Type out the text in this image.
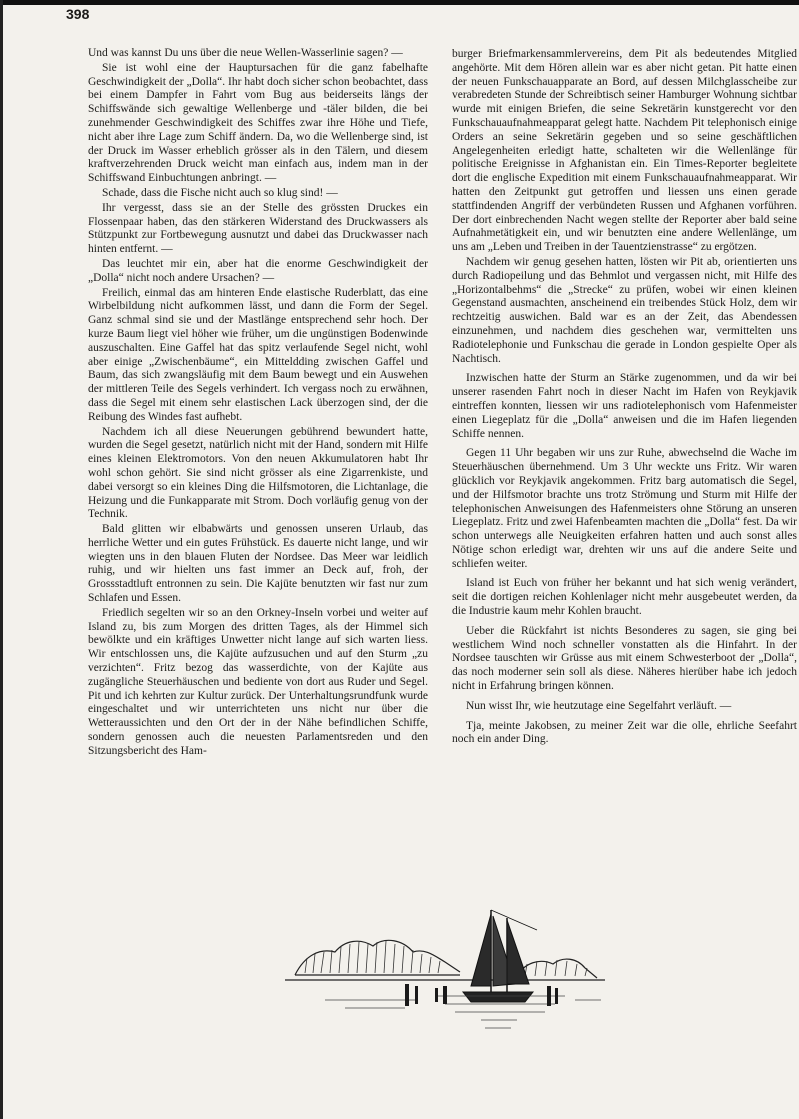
398

Und was kannst Du uns über die neue Wellen-Wasserlinie sagen? —

Sie ist wohl eine der Hauptursachen für die ganz fabelhafte Geschwindigkeit der „Dolla“. Ihr habt doch sicher schon beobachtet, dass bei einem Dampfer in Fahrt vom Bug aus beiderseits längs der Schiffswände sich gewaltige Wellenberge und -täler bilden, die bei zunehmender Geschwindigkeit des Schiffes zwar ihre Höhe und Tiefe, nicht aber ihre Lage zum Schiff ändern. Da, wo die Wellenberge sind, ist der Druck im Wasser erheblich grösser als in den Tälern, und diesem kraftverzehrenden Druck weicht man einfach aus, indem man in der Schiffswand Einbuchtungen anbringt. —

Schade, dass die Fische nicht auch so klug sind! —

Ihr vergesst, dass sie an der Stelle des grössten Druckes ein Flossenpaar haben, das den stärkeren Widerstand des Druckwassers als Stützpunkt zur Fortbewegung ausnutzt und dabei das Druckwasser nach hinten entfernt. —

Das leuchtet mir ein, aber hat die enorme Geschwindigkeit der „Dolla“ nicht noch andere Ursachen? —

Freilich, einmal das am hinteren Ende elastische Ruderblatt, das eine Wirbelbildung nicht aufkommen lässt, und dann die Form der Segel. Ganz schmal sind sie und der Mastlänge entsprechend sehr hoch. Der kurze Baum liegt viel höher wie früher, um die ungünstigen Bodenwinde auszuschalten. Eine Gaffel hat das spitz verlaufende Segel nicht, wohl aber einige „Zwischenbäume“, ein Mitteldding zwischen Gaffel und Baum, das sich zwangsläufig mit dem Baum bewegt und ein Auswehen der mittleren Teile des Segels verhindert. Ich vergass noch zu erwähnen, dass die Segel mit einem sehr elastischen Lack überzogen sind, der die Reibung des Windes fast aufhebt.

Nachdem ich all diese Neuerungen gebührend bewundert hatte, wurden die Segel gesetzt, natürlich nicht mit der Hand, sondern mit Hilfe eines kleinen Elektromotors. Von den neuen Akkumulatoren habt Ihr wohl schon gehört. Sie sind nicht grösser als eine Zigarrenkiste, und dabei versorgt so ein kleines Ding die Hilfsmotoren, die Lichtanlage, die Heizung und die Funkapparate mit Strom. Doch vorläufig genug von der Technik.

Bald glitten wir elbabwärts und genossen unseren Urlaub, das herrliche Wetter und ein gutes Frühstück. Es dauerte nicht lange, und wir wiegten uns in den blauen Fluten der Nordsee. Das Meer war leidlich ruhig, und wir hielten uns fast immer an Deck auf, froh, der Grossstadtluft entronnen zu sein. Die Kajüte benutzten wir fast nur zum Schlafen und Essen.

Friedlich segelten wir so an den Orkney-Inseln vorbei und weiter auf Island zu, bis zum Morgen des dritten Tages, als der Himmel sich bewölkte und ein kräftiges Unwetter nicht lange auf sich warten liess. Wir entschlossen uns, die Kajüte aufzusuchen und auf den Sturm „zu verzichten“. Fritz bezog das wasserdichte, von der Kajüte aus zugängliche Steuerhäuschen und bediente von dort aus Ruder und Segel. Pit und ich kehrten zur Kultur zurück. Der Unterhaltungsrundfunk wurde eingeschaltet und wir unterrichteten uns nicht nur über die Wetteraussichten und den Ort der in der Nähe befindlichen Schiffe, sondern genossen auch die neuesten Parlamentsreden und den Sitzungsbericht des Ham-

burger Briefmarkensammlervereins, dem Pit als bedeutendes Mitglied angehörte. Mit dem Hören allein war es aber nicht getan. Pit hatte einen der neuen Funkschauapparate an Bord, auf dessen Milchglasscheibe zur verabredeten Stunde der Schreibtisch seiner Hamburger Wohnung sichtbar wurde mit einigen Briefen, die seine Sekretärin kunstgerecht vor den Funkschauaufnahmeapparat gelegt hatte. Nachdem Pit telephonisch einige Orders an seine Sekretärin gegeben und so seine geschäftlichen Angelegenheiten erledigt hatte, schalteten wir die Wellenlänge für politische Ereignisse in Afghanistan ein. Ein Times-Reporter begleitete dort die englische Expedition mit einem Funkschauaufnahmeapparat. Wir hatten den Zeitpunkt gut getroffen und liessen uns einen gerade stattfindenden Angriff der verbündeten Russen und Afghanen vorführen. Der dort einbrechenden Nacht wegen stellte der Reporter aber bald seine Aufnahmetätigkeit ein, und wir benutzten eine andere Wellenlänge, um uns am „Leben und Treiben in der Tauentzienstrasse“ zu ergötzen.

Nachdem wir genug gesehen hatten, lösten wir Pit ab, orientierten uns durch Radiopeilung und das Behmlot und vergassen nicht, mit Hilfe des „Horizontalbehms“ die „Strecke“ zu prüfen, wobei wir einen kleinen Gegenstand ausmachten, anscheinend ein treibendes Stück Holz, dem wir rechtzeitig auswichen. Bald war es an der Zeit, das Abendessen einzunehmen, und nachdem dies geschehen war, vermittelten uns Radiotelephonie und Funkschau die gerade in London gespielte Oper als Nachtisch.

Inzwischen hatte der Sturm an Stärke zugenommen, und da wir bei unserer rasenden Fahrt noch in dieser Nacht im Hafen von Reykjavik eintreffen konnten, liessen wir uns radiotelephonisch vom Hafenmeister einen Liegeplatz für die „Dolla“ anweisen und die im Hafen liegenden Schiffe nennen.

Gegen 11 Uhr begaben wir uns zur Ruhe, abwechselnd die Wache im Steuerhäuschen übernehmend. Um 3 Uhr weckte uns Fritz. Wir waren glücklich vor Reykjavik angekommen. Fritz barg automatisch die Segel, und der Hilfsmotor brachte uns trotz Strömung und Sturm mit Hilfe der telephonischen Anweisungen des Hafenmeisters ohne Störung an unseren Liegeplatz. Fritz und zwei Hafenbeamten machten die „Dolla“ fest. Da wir schon unterwegs alle Neuigkeiten erfahren hatten und auch sonst alles Nötige schon erledigt war, drehten wir uns auf die andere Seite und schliefen weiter.

Island ist Euch von früher her bekannt und hat sich wenig verändert, seit die dortigen reichen Kohlenlager nicht mehr ausgebeutet werden, da die Industrie kaum mehr Kohlen braucht.

Ueber die Rückfahrt ist nichts Besonderes zu sagen, sie ging bei westlichem Wind noch schneller vonstatten als die Hinfahrt. In der Nordsee tauschten wir Grüsse aus mit einem Schwesterboot der „Dolla“, das noch moderner sein soll als diese. Näheres hierüber habe ich jedoch nicht in Erfahrung bringen können.

Nun wisst Ihr, wie heutzutage eine Segelfahrt verläuft. —

Tja, meinte Jakobsen, zu meiner Zeit war die olle, ehrliche Seefahrt noch ein ander Ding.
